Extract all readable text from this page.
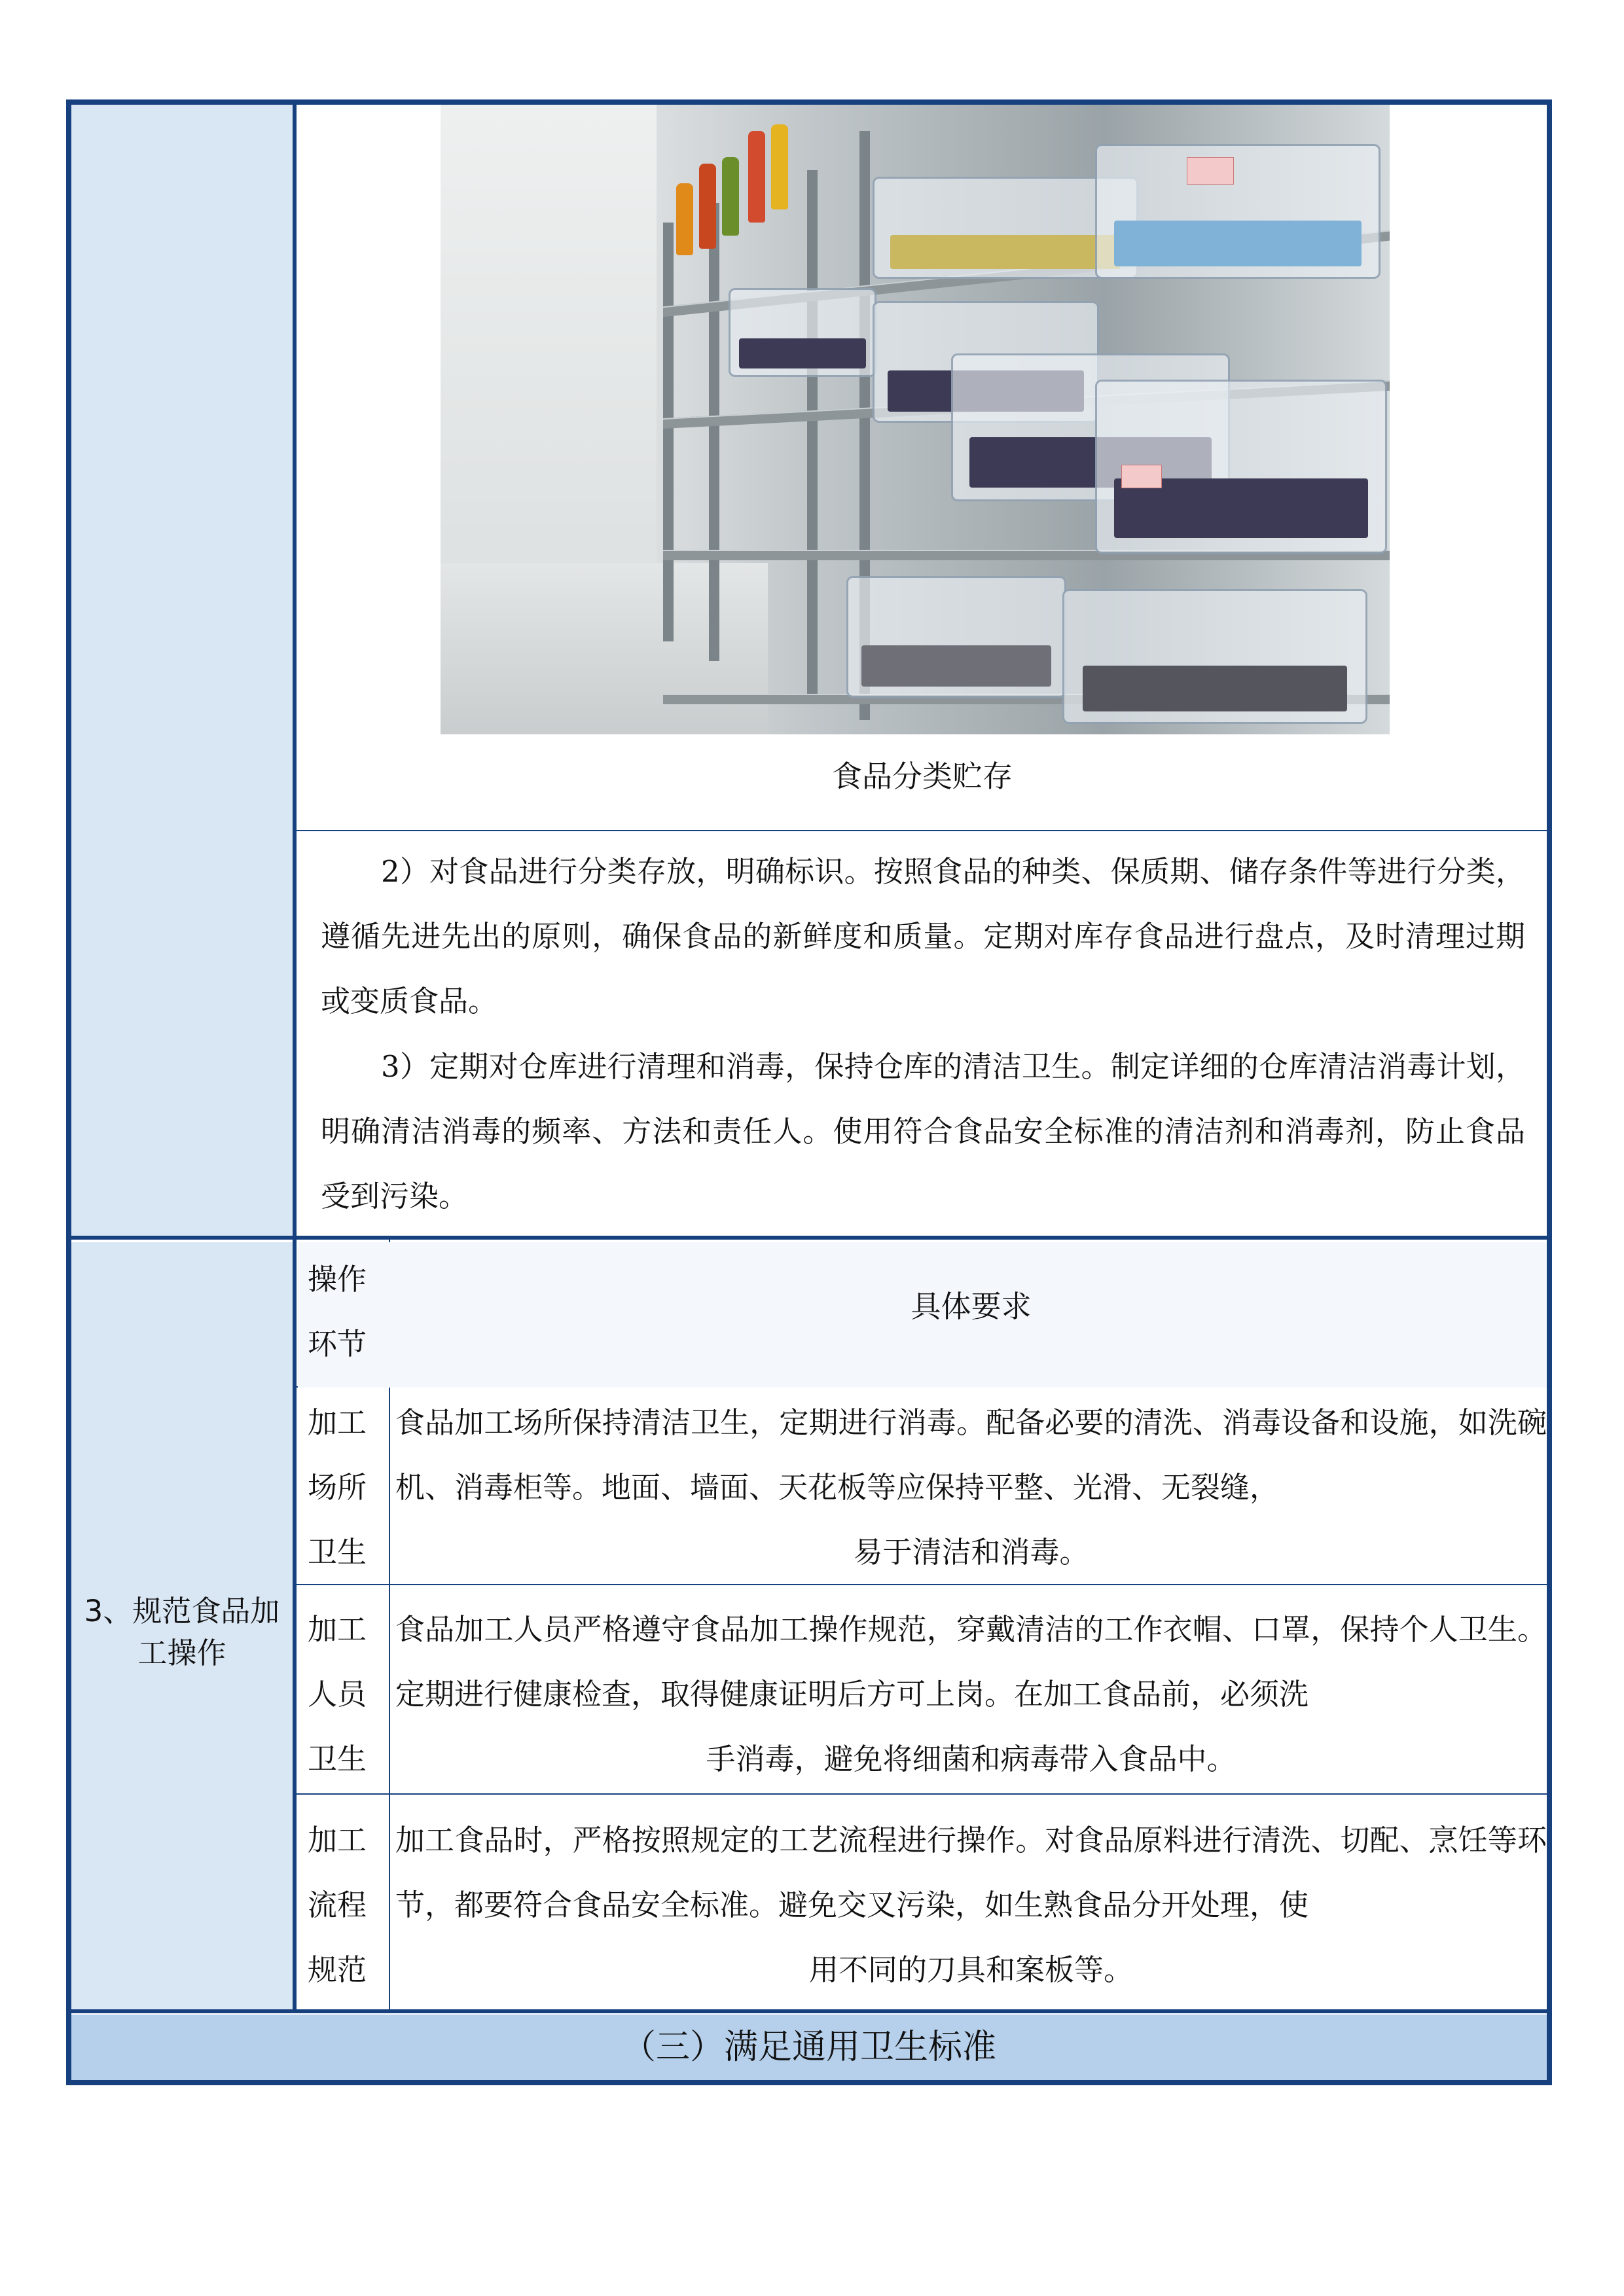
食品分类贮存

2）对食品进行分类存放，明确标识。按照食品的种类、保质期、储存条件等进行分类，遵循先进先出的原则，确保食品的新鲜度和质量。定期对库存食品进行盘点，及时清理过期或变质食品。

3）定期对仓库进行清理和消毒，保持仓库的清洁卫生。制定详细的仓库清洁消毒计划，明确清洁消毒的频率、方法和责任人。使用符合食品安全标准的清洁剂和消毒剂，防止食品受到污染。

操作环节
具体要求
3、规范食品加工操作
加工场所卫生

食品加工场所保持清洁卫生，定期进行消毒。配备必要的清洗、消毒设备和设施，如洗碗机、消毒柜等。地面、墙面、天花板等应保持平整、光滑、无裂缝，
易于清洁和消毒。

加工人员卫生

食品加工人员严格遵守食品加工操作规范，穿戴清洁的工作衣帽、口罩，保持个人卫生。定期进行健康检查，取得健康证明后方可上岗。在加工食品前，必须洗
手消毒，避免将细菌和病毒带入食品中。

加工流程规范

加工食品时，严格按照规定的工艺流程进行操作。对食品原料进行清洗、切配、烹饪等环节，都要符合食品安全标准。避免交叉污染，如生熟食品分开处理，使
用不同的刀具和案板等。

（三）满足通用卫生标准
